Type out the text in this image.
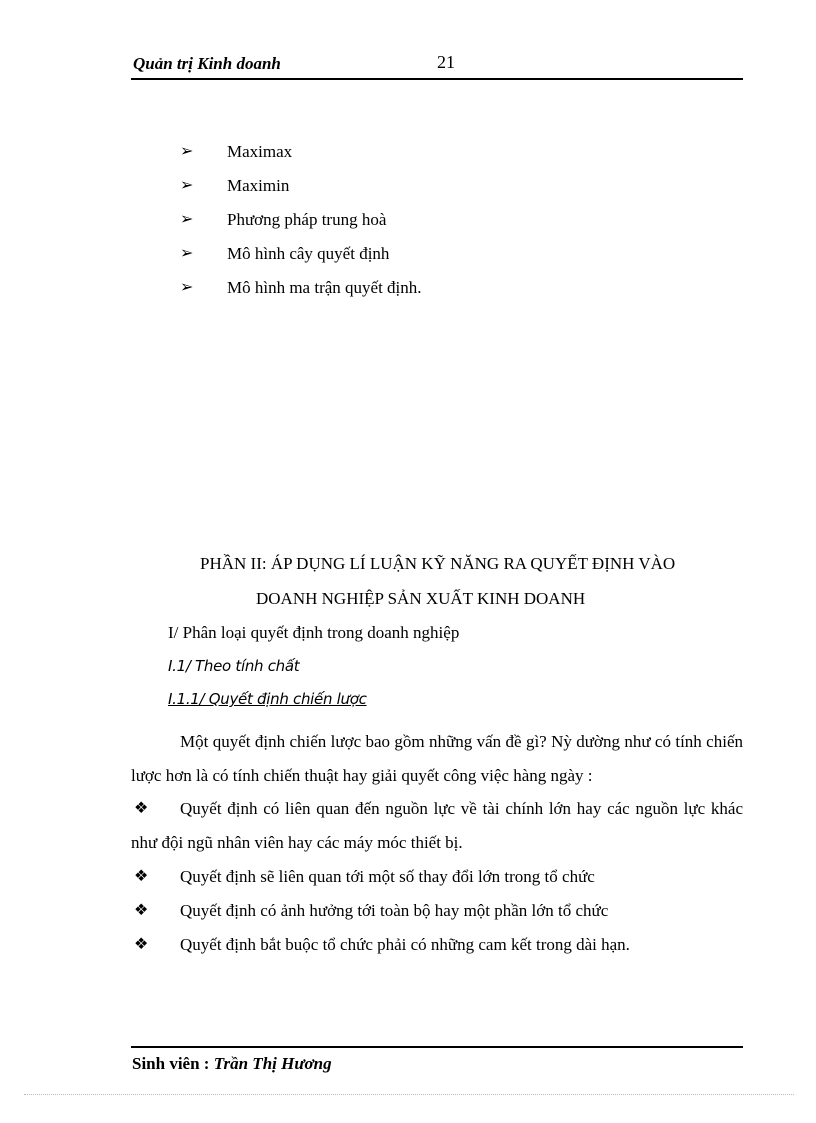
Quản trị Kinh doanh	21
➢ Maximax
➢ Maximin
➢ Phương pháp trung hoà
➢ Mô hình cây quyết định
➢ Mô hình ma trận quyết định.
PHẦN II: ÁP DỤNG LÍ LUẬN KỸ NĂNG RA QUYẾT ĐỊNH VÀO
DOANH NGHIỆP SẢN XUẤT KINH DOANH
I/ Phân loại quyết định trong doanh nghiệp
I.1/ Theo tính chất
I.1.1/ Quyết định chiến lược
Một quyết định chiến lược bao gồm những vấn đề gì? Nỳ dường như có tính chiến lược hơn là có tính chiến thuật hay giải quyết công việc hàng ngày :
❖	Quyết định có liên quan đến nguồn lực về tài chính lớn hay các nguồn lực khác như đội ngũ nhân viên hay các máy móc thiết bị.
❖ Quyết định sẽ liên quan tới một số thay đổi lớn trong tổ chức
❖ Quyết định có ảnh hưởng tới toàn bộ hay một phần lớn tổ chức
❖ Quyết định bắt buộc tổ chức phải có những cam kết trong dài hạn.
Sinh viên : Trần Thị Hương
